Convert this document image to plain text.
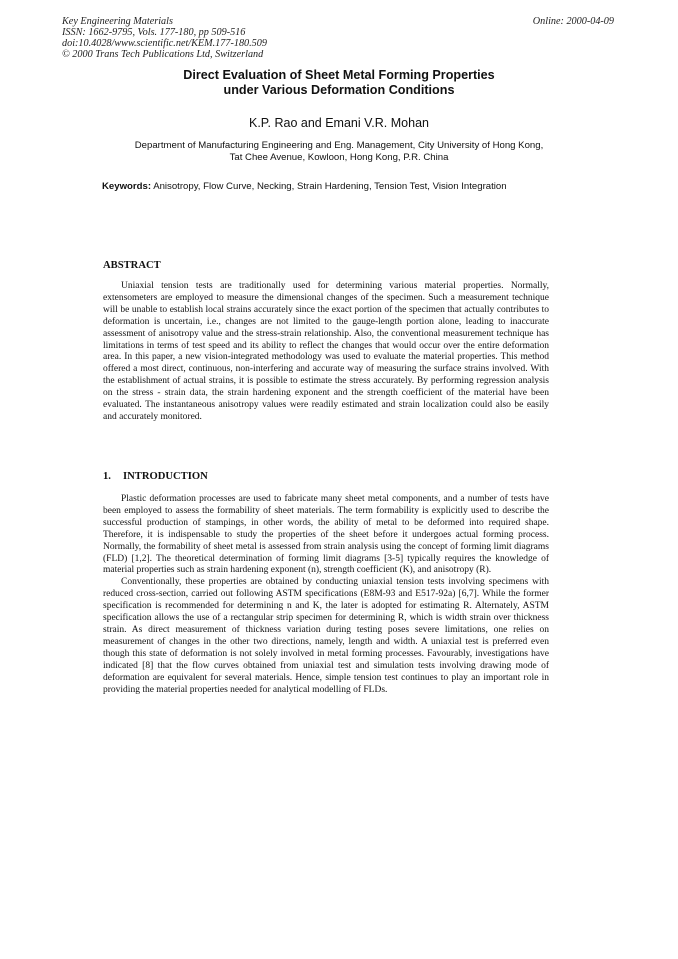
Key Engineering Materials
ISSN: 1662-9795, Vols. 177-180, pp 509-516
doi:10.4028/www.scientific.net/KEM.177-180.509
© 2000 Trans Tech Publications Ltd, Switzerland
Online: 2000-04-09
Direct Evaluation of Sheet Metal Forming Properties
under Various Deformation Conditions
K.P. Rao and Emani V.R. Mohan
Department of Manufacturing Engineering and Eng. Management, City University of Hong Kong,
Tat Chee Avenue, Kowloon, Hong Kong, P.R. China
Keywords: Anisotropy, Flow Curve, Necking, Strain Hardening, Tension Test, Vision Integration
ABSTRACT

Uniaxial tension tests are traditionally used for determining various material properties. Normally, extensometers are employed to measure the dimensional changes of the specimen. Such a measurement technique will be unable to establish local strains accurately since the exact portion of the specimen that actually contributes to deformation is uncertain, i.e., changes are not limited to the gauge-length portion alone, leading to inaccurate assessment of anisotropy value and the stress-strain relationship. Also, the conventional measurement technique has limitations in terms of test speed and its ability to reflect the changes that would occur over the entire deformation area. In this paper, a new vision-integrated methodology was used to evaluate the material properties. This method offered a most direct, continuous, non-interfering and accurate way of measuring the surface strains involved. With the establishment of actual strains, it is possible to estimate the stress accurately. By performing regression analysis on the stress - strain data, the strain hardening exponent and the strength coefficient of the material have been evaluated. The instantaneous anisotropy values were readily estimated and strain localization could also be easily and accurately monitored.

1. INTRODUCTION

Plastic deformation processes are used to fabricate many sheet metal components, and a number of tests have been employed to assess the formability of sheet materials. The term formability is explicitly used to describe the successful production of stampings, in other words, the ability of metal to be deformed into required shape. Therefore, it is indispensable to study the properties of the sheet before it undergoes actual forming process. Normally, the formability of sheet metal is assessed from strain analysis using the concept of forming limit diagrams (FLD) [1,2]. The theoretical determination of forming limit diagrams [3-5] typically requires the knowledge of material properties such as strain hardening exponent (n), strength coefficient (K), and anisotropy (R).

Conventionally, these properties are obtained by conducting uniaxial tension tests involving specimens with reduced cross-section, carried out following ASTM specifications (E8M-93 and E517-92a) [6,7]. While the former specification is recommended for determining n and K, the later is adopted for estimating R. Alternately, ASTM specification allows the use of a rectangular strip specimen for determining R, which is width strain over thickness strain. As direct measurement of thickness variation during testing poses severe limitations, one relies on measurement of changes in the other two directions, namely, length and width. A uniaxial test is preferred even though this state of deformation is not solely involved in metal forming processes. Favourably, investigations have indicated [8] that the flow curves obtained from uniaxial test and simulation tests involving drawing mode of deformation are equivalent for several materials. Hence, simple tension test continues to play an important role in providing the material properties needed for analytical modelling of FLDs.
